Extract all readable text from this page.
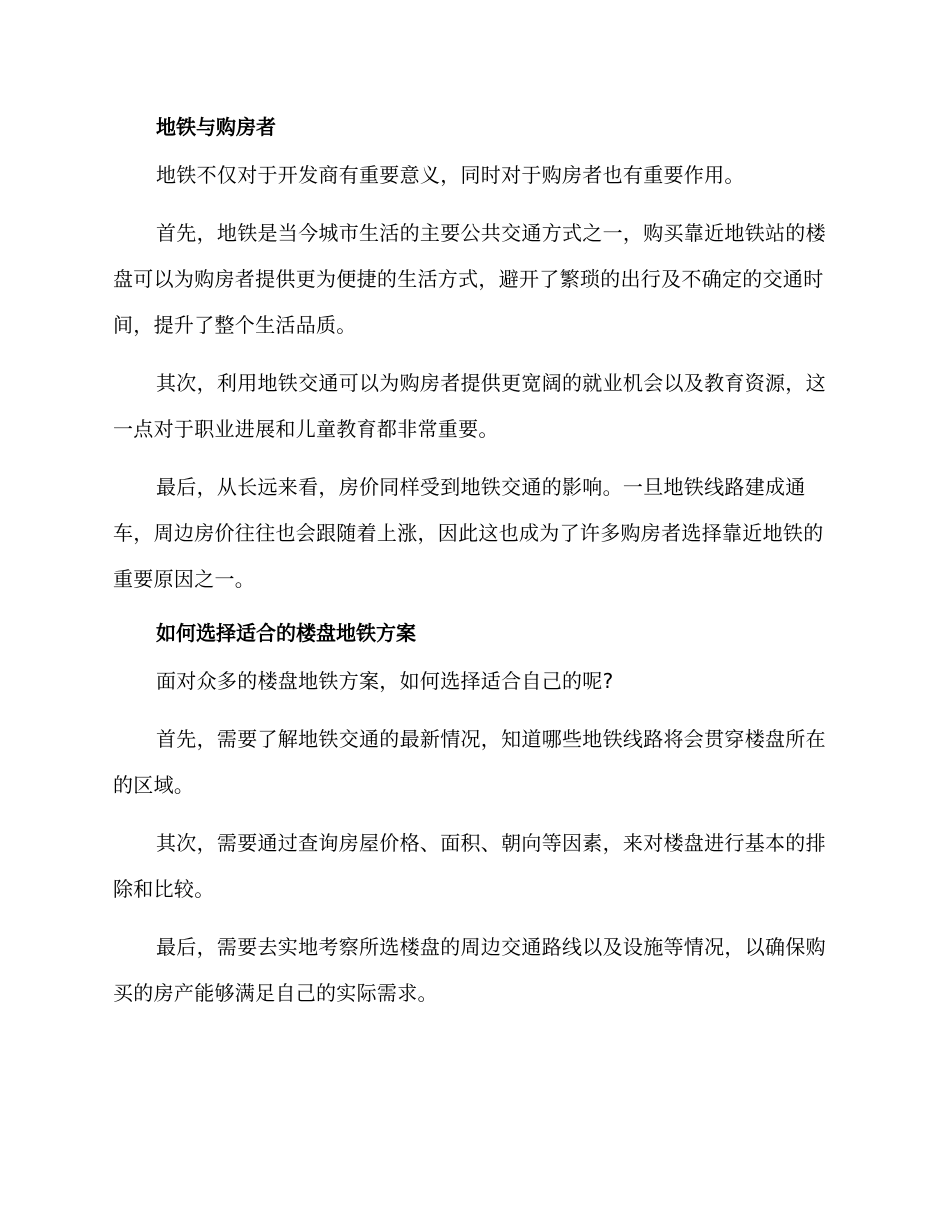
地铁与购房者

地铁不仅对于开发商有重要意义，同时对于购房者也有重要作用。

首先，地铁是当今城市生活的主要公共交通方式之一，购买靠近地铁站的楼盘可以为购房者提供更为便捷的生活方式，避开了繁琐的出行及不确定的交通时间，提升了整个生活品质。

其次，利用地铁交通可以为购房者提供更宽阔的就业机会以及教育资源，这一点对于职业进展和儿童教育都非常重要。

最后，从长远来看，房价同样受到地铁交通的影响。一旦地铁线路建成通车，周边房价往往也会跟随着上涨，因此这也成为了许多购房者选择靠近地铁的重要原因之一。

如何选择适合的楼盘地铁方案

面对众多的楼盘地铁方案，如何选择适合自己的呢?

首先，需要了解地铁交通的最新情况，知道哪些地铁线路将会贯穿楼盘所在的区域。

其次，需要通过查询房屋价格、面积、朝向等因素，来对楼盘进行基本的排除和比较。

最后，需要去实地考察所选楼盘的周边交通路线以及设施等情况，以确保购买的房产能够满足自己的实际需求。
